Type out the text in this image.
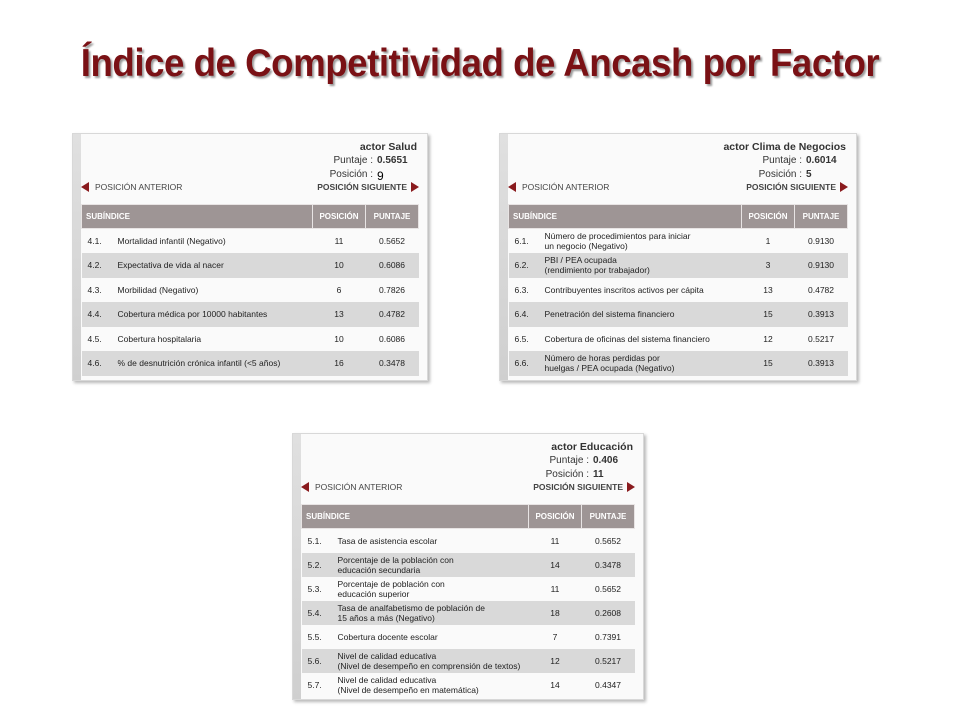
Índice de Competitividad de Ancash por Factor
actor Salud
Puntaje : 0.5651
Posición :
POSICIÓN ANTERIOR	POSICIÓN SIGUIENTE
SUBÍNDICE		POSICIÓN	PUNTAJE
4.1.	Mortalidad infantil (Negativo)	11	0.5652
4.2.	Expectativa de vida al nacer	10	0.6086
4.3.	Morbilidad (Negativo)	6	0.7826
4.4.	Cobertura médica por 10000 habitantes	13	0.4782
4.5.	Cobertura hospitalaria	10	0.6086
4.6.	% de desnutrición crónica infantil (<5 años)	16	0.3478
9
actor Clima de Negocios
Puntaje : 0.6014
Posición : 5
POSICIÓN ANTERIOR	POSICIÓN SIGUIENTE
SUBÍNDICE		POSICIÓN	PUNTAJE
6.1.	Número de procedimientos para iniciar
un negocio (Negativo)	1	0.9130
6.2.	PBI / PEA ocupada
(rendimiento por trabajador)	3	0.9130
6.3.	Contribuyentes inscritos activos per cápita	13	0.4782
6.4.	Penetración del sistema financiero	15	0.3913
6.5.	Cobertura de oficinas del sistema financiero	12	0.5217
6.6.	Número de horas perdidas por
huelgas / PEA ocupada (Negativo)	15	0.3913
actor Educación
Puntaje : 0.406
Posición : 11
POSICIÓN ANTERIOR	POSICIÓN SIGUIENTE
SUBÍNDICE		POSICIÓN	PUNTAJE
5.1.	Tasa de asistencia escolar	11	0.5652
5.2.	Porcentaje de la población con
educación secundaria	14	0.3478
5.3.	Porcentaje de población con
educación superior	11	0.5652
5.4.	Tasa de analfabetismo de población de
15 años a más (Negativo)	18	0.2608
5.5.	Cobertura docente escolar	7	0.7391
5.6.	Nivel de calidad educativa
(Nivel de desempeño en comprensión de textos)	12	0.5217
5.7.	Nivel de calidad educativa
(Nivel de desempeño en matemática)	14	0.4347
